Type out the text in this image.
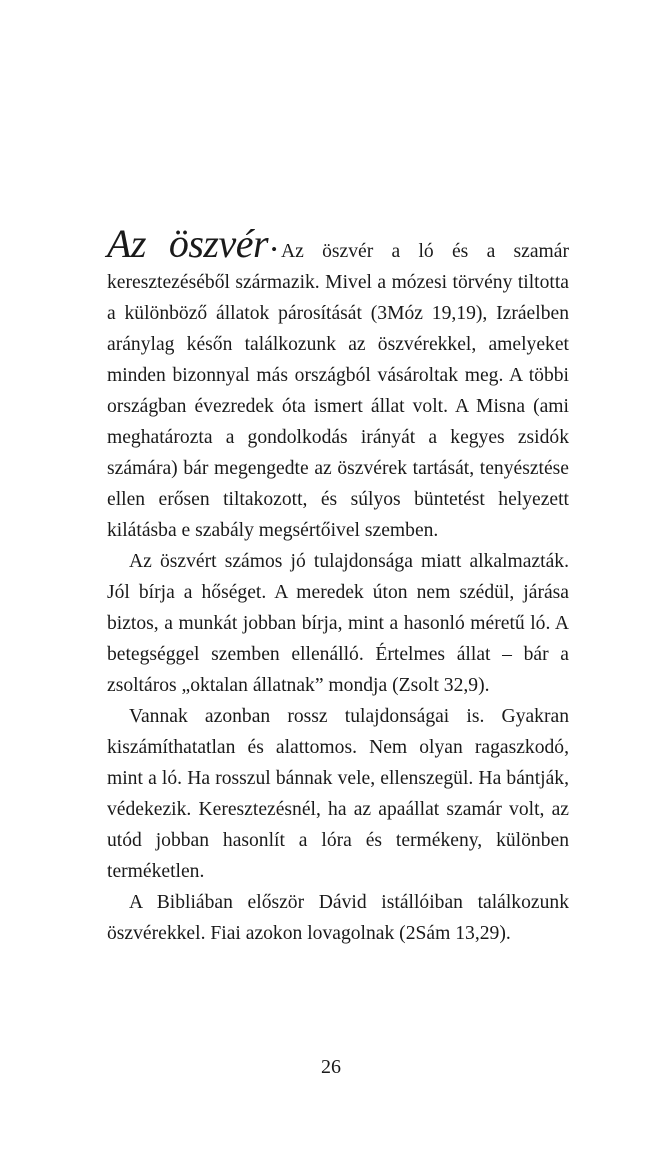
Az öszvér • Az öszvér a ló és a szamár keresztezéséből származik. Mivel a mózesi törvény tiltotta a különböző állatok párosítását (3Móz 19,19), Izráelben aránylag későn találkozunk az öszvérekkel, amelyeket minden bizonnyal más országból vásároltak meg. A többi országban évezredek óta ismert állat volt. A Misna (ami meghatározta a gondolkodás irányát a kegyes zsidók számára) bár megengedte az öszvérek tartását, tenyésztése ellen erősen tiltakozott, és súlyos büntetést helyezett kilátásba e szabály megsértőivel szemben.

Az öszvért számos jó tulajdonsága miatt alkalmazták. Jól bírja a hőséget. A meredek úton nem szédül, járása biztos, a munkát jobban bírja, mint a hasonló méretű ló. A betegséggel szemben ellenálló. Értelmes állat – bár a zsoltáros „oktalan állatnak” mondja (Zsolt 32,9).

Vannak azonban rossz tulajdonságai is. Gyakran kiszámíthatatlan és alattomos. Nem olyan ragaszkodó, mint a ló. Ha rosszul bánnak vele, ellenszegül. Ha bántják, védekezik. Keresztezésnél, ha az apaállat szamár volt, az utód jobban hasonlít a lóra és termékeny, különben terméketlen.

A Bibliában először Dávid istállóiban találkozunk öszvérekkel. Fiai azokon lovagolnak (2Sám 13,29).

26
